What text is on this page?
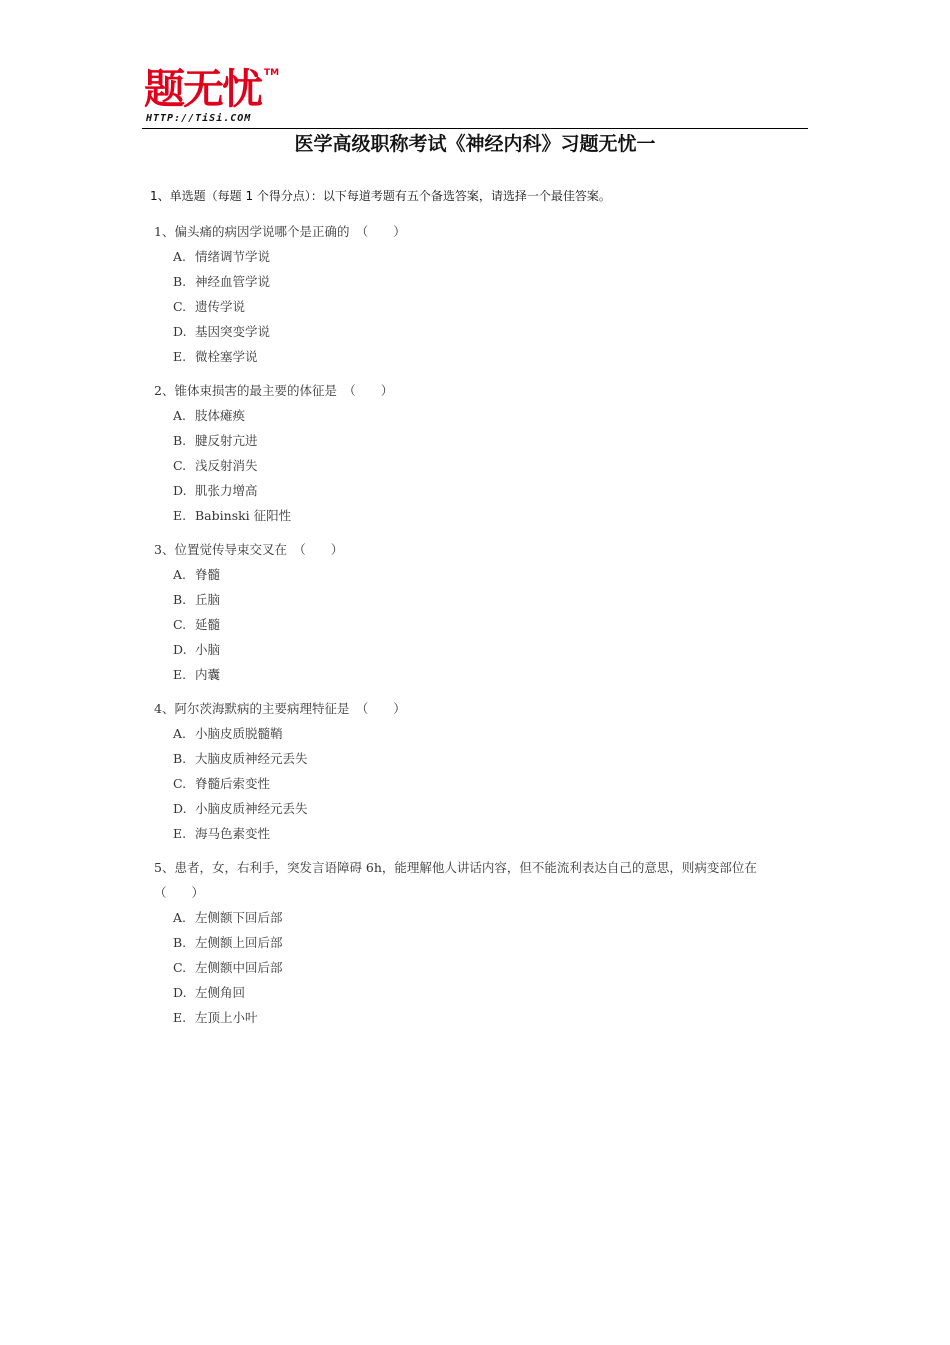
题无忧 TM
HTTP://TiSi.COM
医学高级职称考试《神经内科》习题无忧一
1、单选题（每题 1 个得分点）：以下每道考题有五个备选答案，请选择一个最佳答案。
1、偏头痛的病因学说哪个是正确的　（　　）
A. 情绪调节学说
B. 神经血管学说
C. 遗传学说
D. 基因突变学说
E. 微栓塞学说
2、锥体束损害的最主要的体征是　（　　）
A. 肢体瘫痪
B. 腱反射亢进
C. 浅反射消失
D. 肌张力增高
E. Babinski 征阳性
3、位置觉传导束交叉在　（　　）
A. 脊髓
B. 丘脑
C. 延髓
D. 小脑
E. 内囊
4、阿尔茨海默病的主要病理特征是　（　　）
A. 小脑皮质脱髓鞘
B. 大脑皮质神经元丢失
C. 脊髓后索变性
D. 小脑皮质神经元丢失
E. 海马色素变性
5、患者，女，右利手，突发言语障碍 6h，能理解他人讲话内容，但不能流利表达自己的意思，则病变部位在　（　　）
A. 左侧额下回后部
B. 左侧额上回后部
C. 左侧额中回后部
D. 左侧角回
E. 左顶上小叶
